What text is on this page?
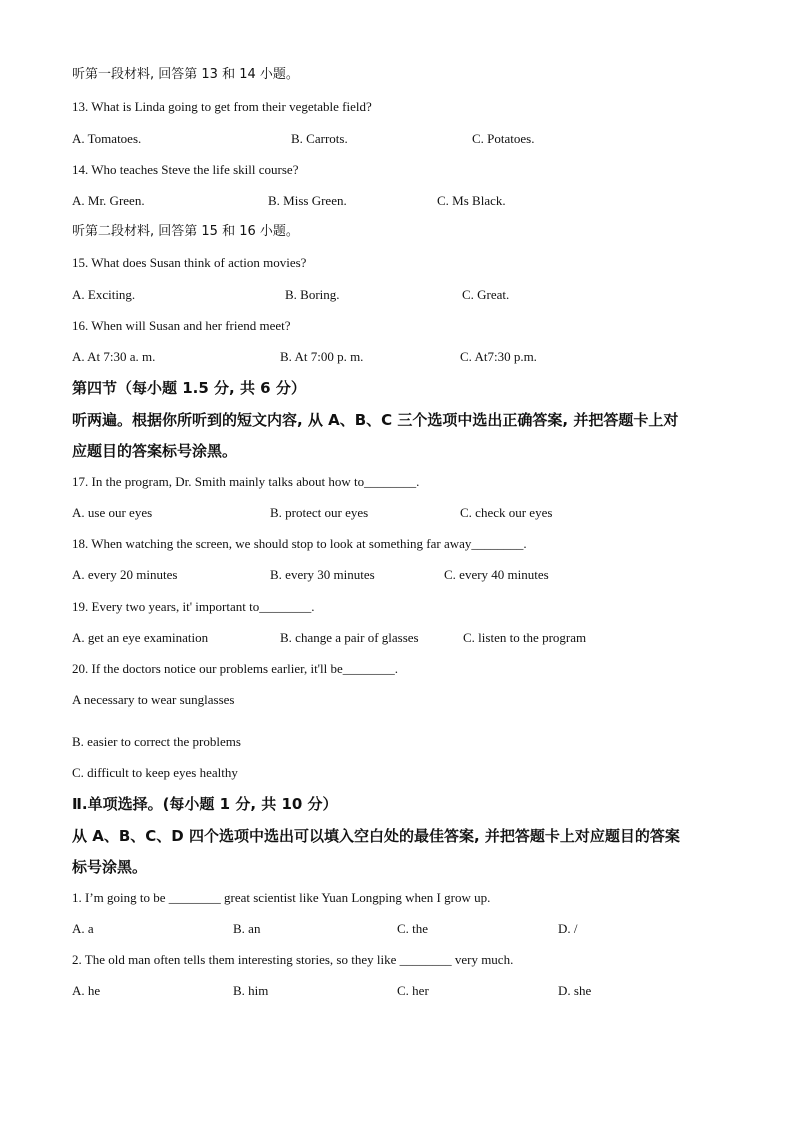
听第一段材料, 回答第 13 和 14 小题。
13. What is Linda going to get from their vegetable field?
A. Tomatoes.	B. Carrots.	C. Potatoes.
14. Who teaches Steve the life skill course?
A. Mr. Green.	B. Miss Green.	C. Ms Black.
听第二段材料, 回答第 15 和 16 小题。
15. What does Susan think of action movies?
A. Exciting.	B. Boring.	C. Great.
16. When will Susan and her friend meet?
A. At 7:30 a. m.	B. At 7:00 p. m.	C. At7:30 p.m.
第四节（每小题 1.5 分, 共 6 分）
听两遍。根据你所听到的短文内容, 从 A、B、C 三个选项中选出正确答案, 并把答题卡上对
应题目的答案标号涂黑。
17. In the program, Dr. Smith mainly talks about how to________.
A. use our eyes	B. protect our eyes	C. check our eyes
18. When watching the screen, we should stop to look at something far away________.
A. every 20 minutes	B. every 30 minutes	C. every 40 minutes
19. Every two years, it' important to________.
A. get an eye examination	B. change a pair of glasses	C. listen to the program
20. If the doctors notice our problems earlier, it'll be________.
A necessary to wear sunglasses
B. easier to correct the problems
C. difficult to keep eyes healthy
Ⅱ.单项选择。(每小题 1 分, 共 10 分）
从 A、B、C、D 四个选项中选出可以填入空白处的最佳答案, 并把答题卡上对应题目的答案
标号涂黑。
1. I’m going to be ________ great scientist like Yuan Longping when I grow up.
A. a	B. an	C. the	D. /
2. The old man often tells them interesting stories, so they like ________ very much.
A. he	B. him	C. her	D. she
